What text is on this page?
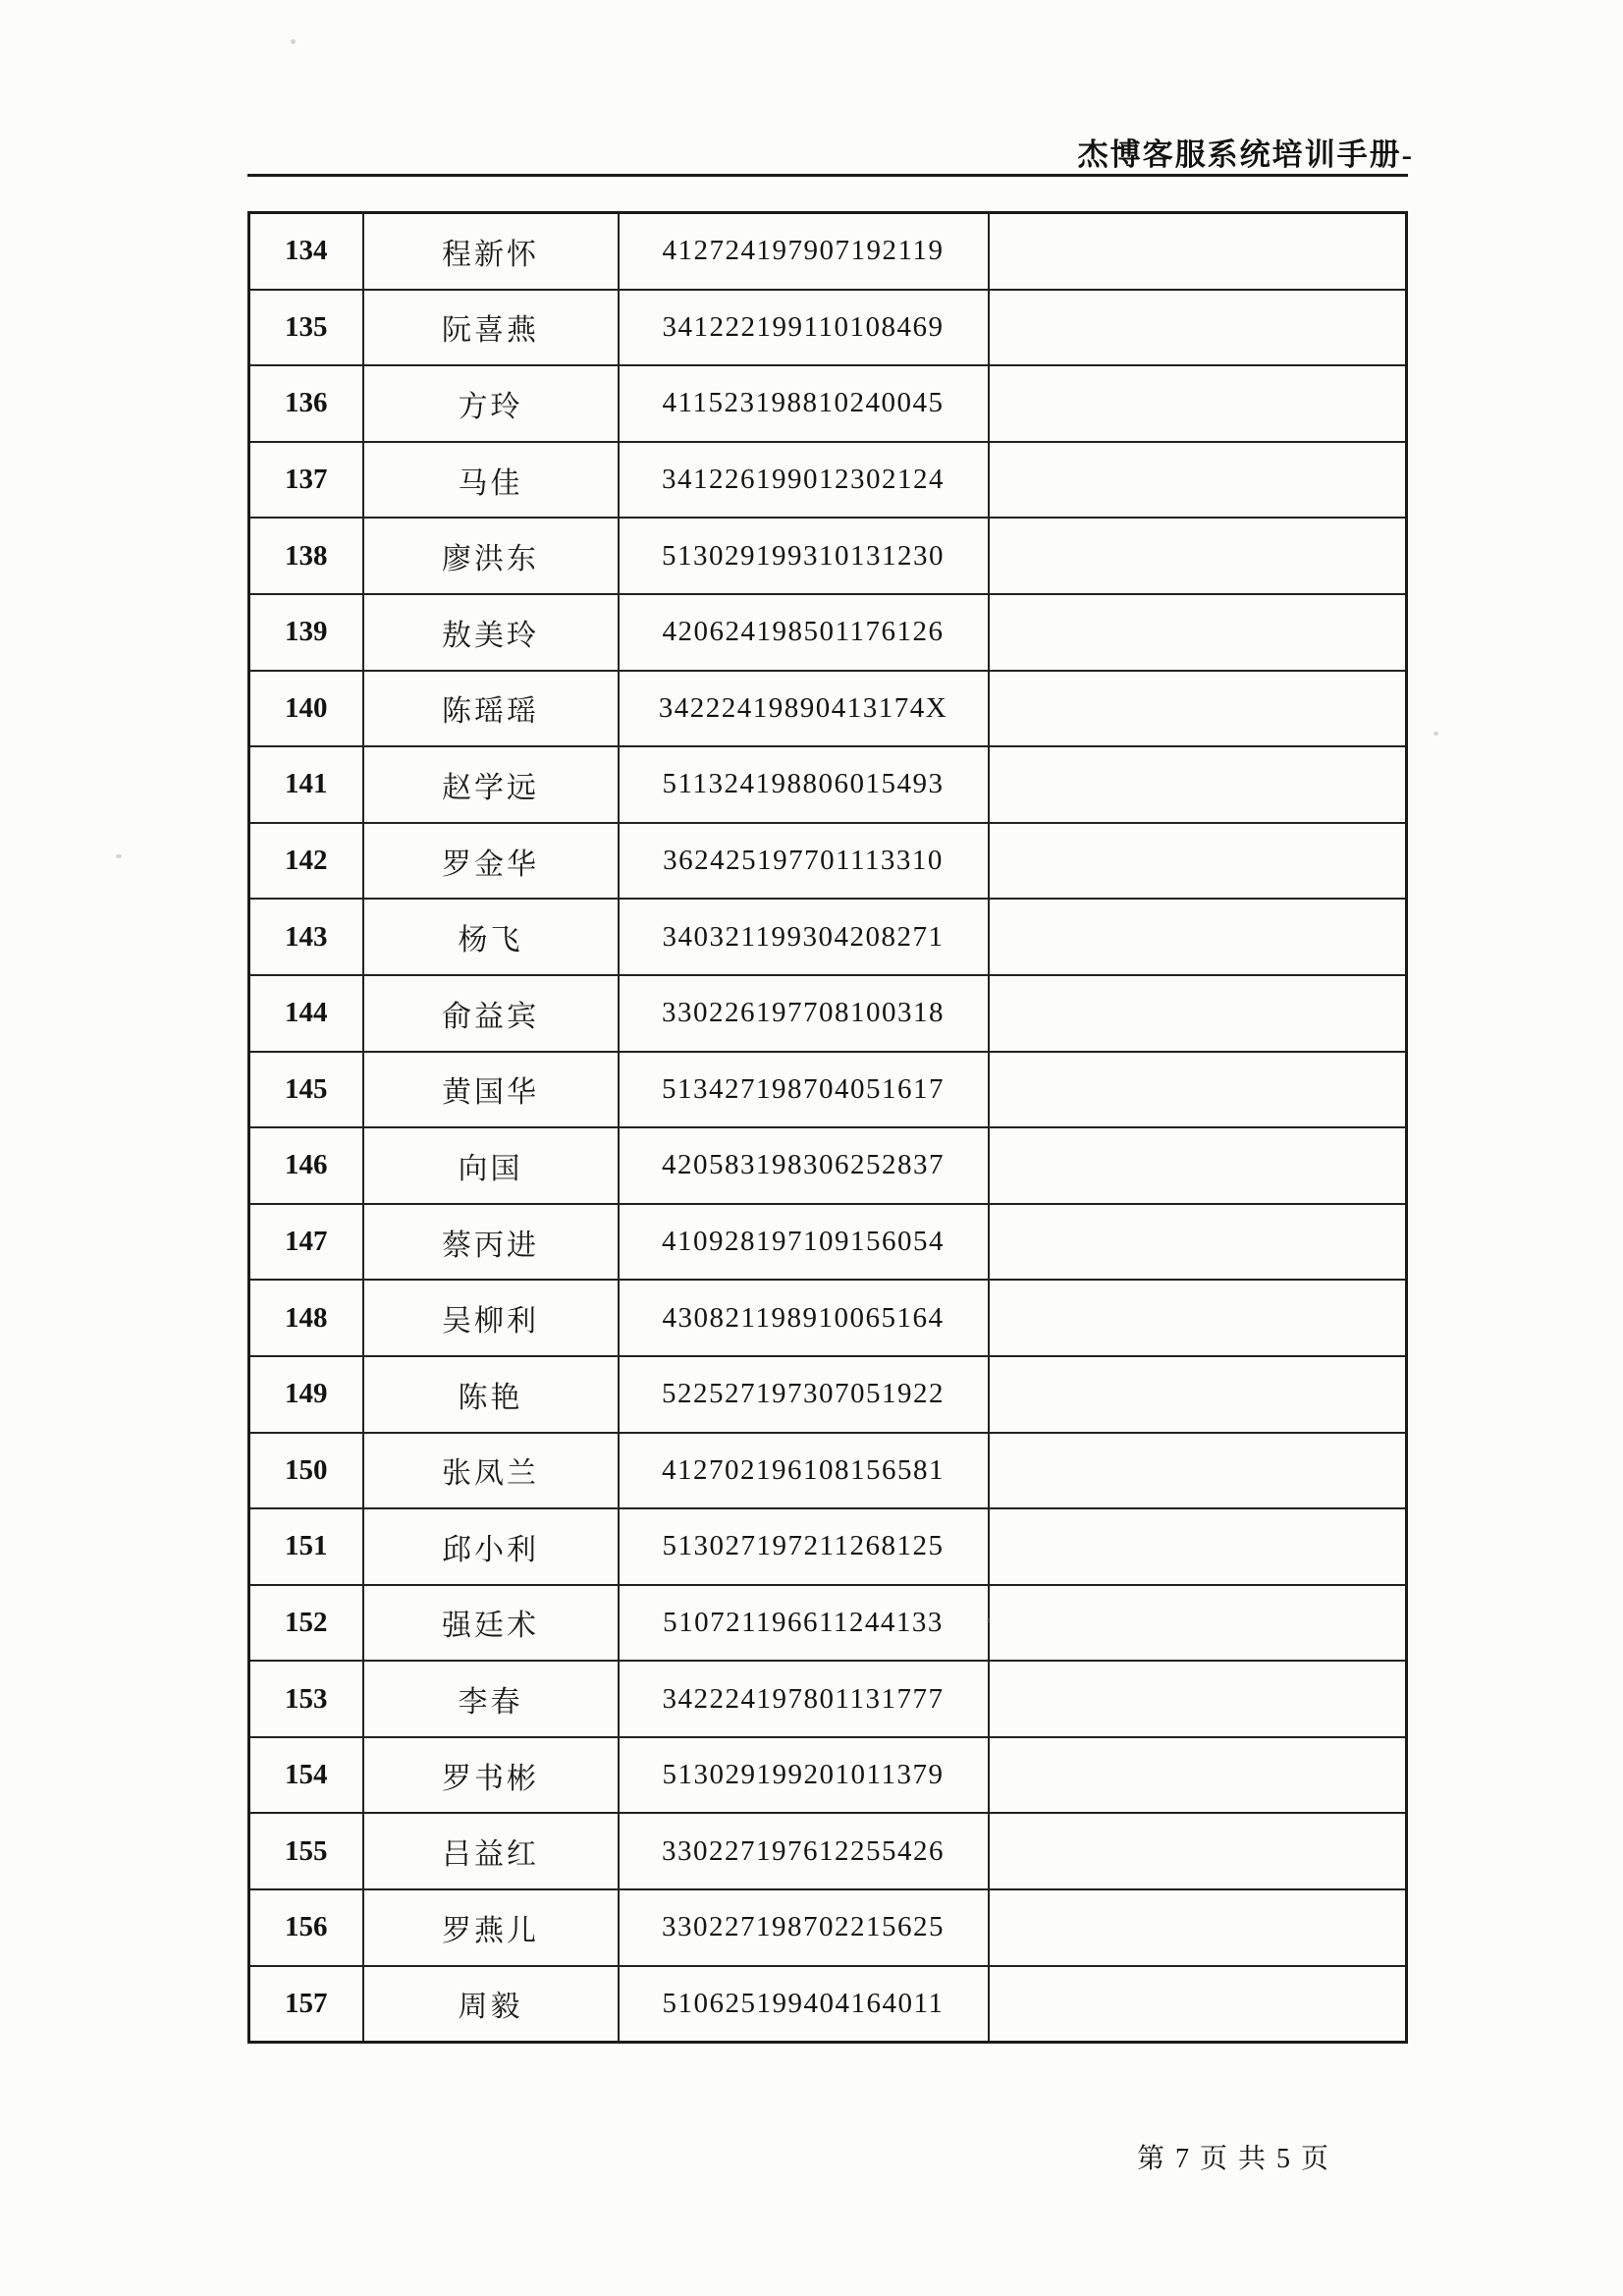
杰博客服系统培训手册-
134	程新怀	412724197907192119	
135	阮喜燕	341222199110108469	
136	方玲	411523198810240045	
137	马佳	341226199012302124	
138	廖洪东	513029199310131230	
139	敖美玲	420624198501176126	
140	陈瑶瑶	34222419890413174X	
141	赵学远	511324198806015493	
142	罗金华	362425197701113310	
143	杨飞	340321199304208271	
144	俞益宾	330226197708100318	
145	黄国华	513427198704051617	
146	向国	420583198306252837	
147	蔡丙进	410928197109156054	
148	吴柳利	430821198910065164	
149	陈艳	522527197307051922	
150	张凤兰	412702196108156581	
151	邱小利	513027197211268125	
152	强廷术	510721196611244133	
153	李春	342224197801131777	
154	罗书彬	513029199201011379	
155	吕益红	330227197612255426	
156	罗燕儿	330227198702215625	
157	周毅	510625199404164011	
第 7 页 共 5 页
